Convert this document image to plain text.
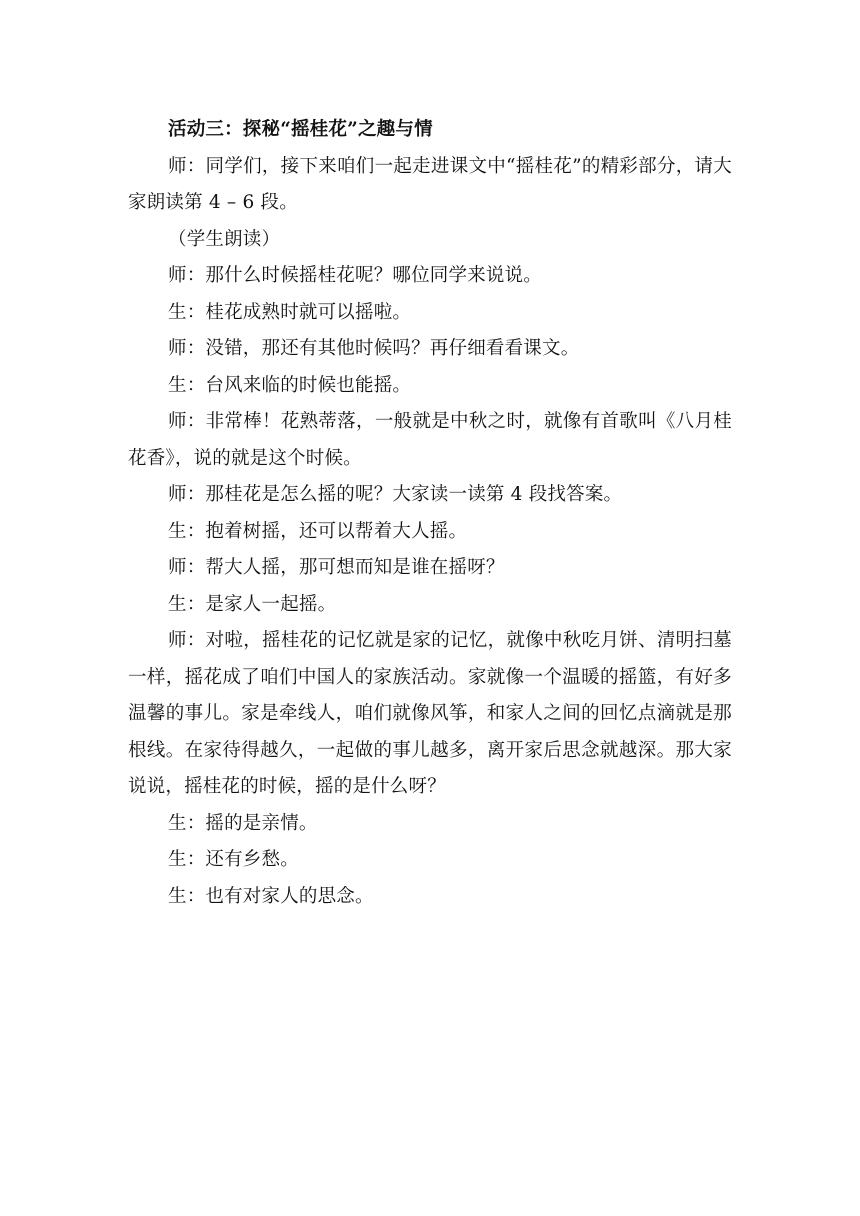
活动三：探秘“摇桂花”之趣与情

师：同学们，接下来咱们一起走进课文中“摇桂花”的精彩部分，请大家朗读第 4 – 6 段。

（学生朗读）

师：那什么时候摇桂花呢？哪位同学来说说。

生：桂花成熟时就可以摇啦。

师：没错，那还有其他时候吗？再仔细看看课文。

生：台风来临的时候也能摇。

师：非常棒！花熟蒂落，一般就是中秋之时，就像有首歌叫《八月桂花香》，说的就是这个时候。

师：那桂花是怎么摇的呢？大家读一读第 4 段找答案。

生：抱着树摇，还可以帮着大人摇。

师：帮大人摇，那可想而知是谁在摇呀？

生：是家人一起摇。

师：对啦，摇桂花的记忆就是家的记忆，就像中秋吃月饼、清明扫墓一样，摇花成了咱们中国人的家族活动。家就像一个温暖的摇篮，有好多温馨的事儿。家是牵线人，咱们就像风筝，和家人之间的回忆点滴就是那根线。在家待得越久，一起做的事儿越多，离开家后思念就越深。那大家说说，摇桂花的时候，摇的是什么呀？

生：摇的是亲情。

生：还有乡愁。

生：也有对家人的思念。
